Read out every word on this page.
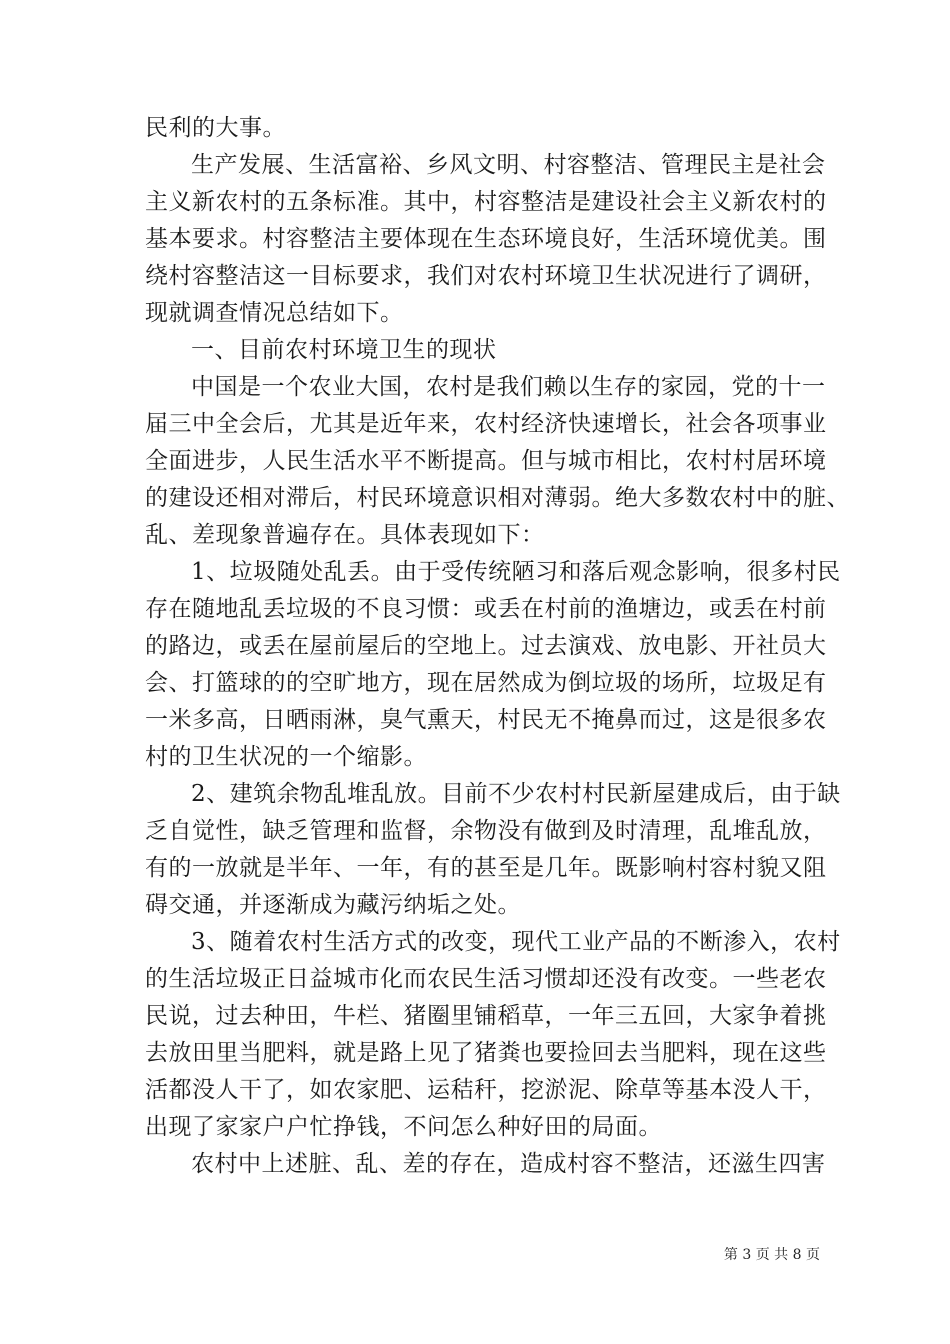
民利的大事。
生产发展、生活富裕、乡风文明、村容整洁、管理民主是社会
主义新农村的五条标准。其中，村容整洁是建设社会主义新农村的
基本要求。村容整洁主要体现在生态环境良好，生活环境优美。围
绕村容整洁这一目标要求，我们对农村环境卫生状况进行了调研，
现就调查情况总结如下。
一、目前农村环境卫生的现状
中国是一个农业大国，农村是我们赖以生存的家园，党的十一
届三中全会后，尤其是近年来，农村经济快速增长，社会各项事业
全面进步，人民生活水平不断提高。但与城市相比，农村村居环境
的建设还相对滞后，村民环境意识相对薄弱。绝大多数农村中的脏、
乱、差现象普遍存在。具体表现如下：
1、垃圾随处乱丢。由于受传统陋习和落后观念影响，很多村民
存在随地乱丢垃圾的不良习惯：或丢在村前的渔塘边，或丢在村前
的路边，或丢在屋前屋后的空地上。过去演戏、放电影、开社员大
会、打篮球的的空旷地方，现在居然成为倒垃圾的场所，垃圾足有
一米多高，日晒雨淋，臭气熏天，村民无不掩鼻而过，这是很多农
村的卫生状况的一个缩影。
2、建筑余物乱堆乱放。目前不少农村村民新屋建成后，由于缺
乏自觉性，缺乏管理和监督，余物没有做到及时清理，乱堆乱放，
有的一放就是半年、一年，有的甚至是几年。既影响村容村貌又阻
碍交通，并逐渐成为藏污纳垢之处。
3、随着农村生活方式的改变，现代工业产品的不断渗入，农村
的生活垃圾正日益城市化而农民生活习惯却还没有改变。一些老农
民说，过去种田，牛栏、猪圈里铺稻草，一年三五回，大家争着挑
去放田里当肥料，就是路上见了猪粪也要捡回去当肥料，现在这些
活都没人干了，如农家肥、运秸秆，挖淤泥、除草等基本没人干，
出现了家家户户忙挣钱，不问怎么种好田的局面。
农村中上述脏、乱、差的存在，造成村容不整洁，还滋生四害
第 3 页 共 8 页
